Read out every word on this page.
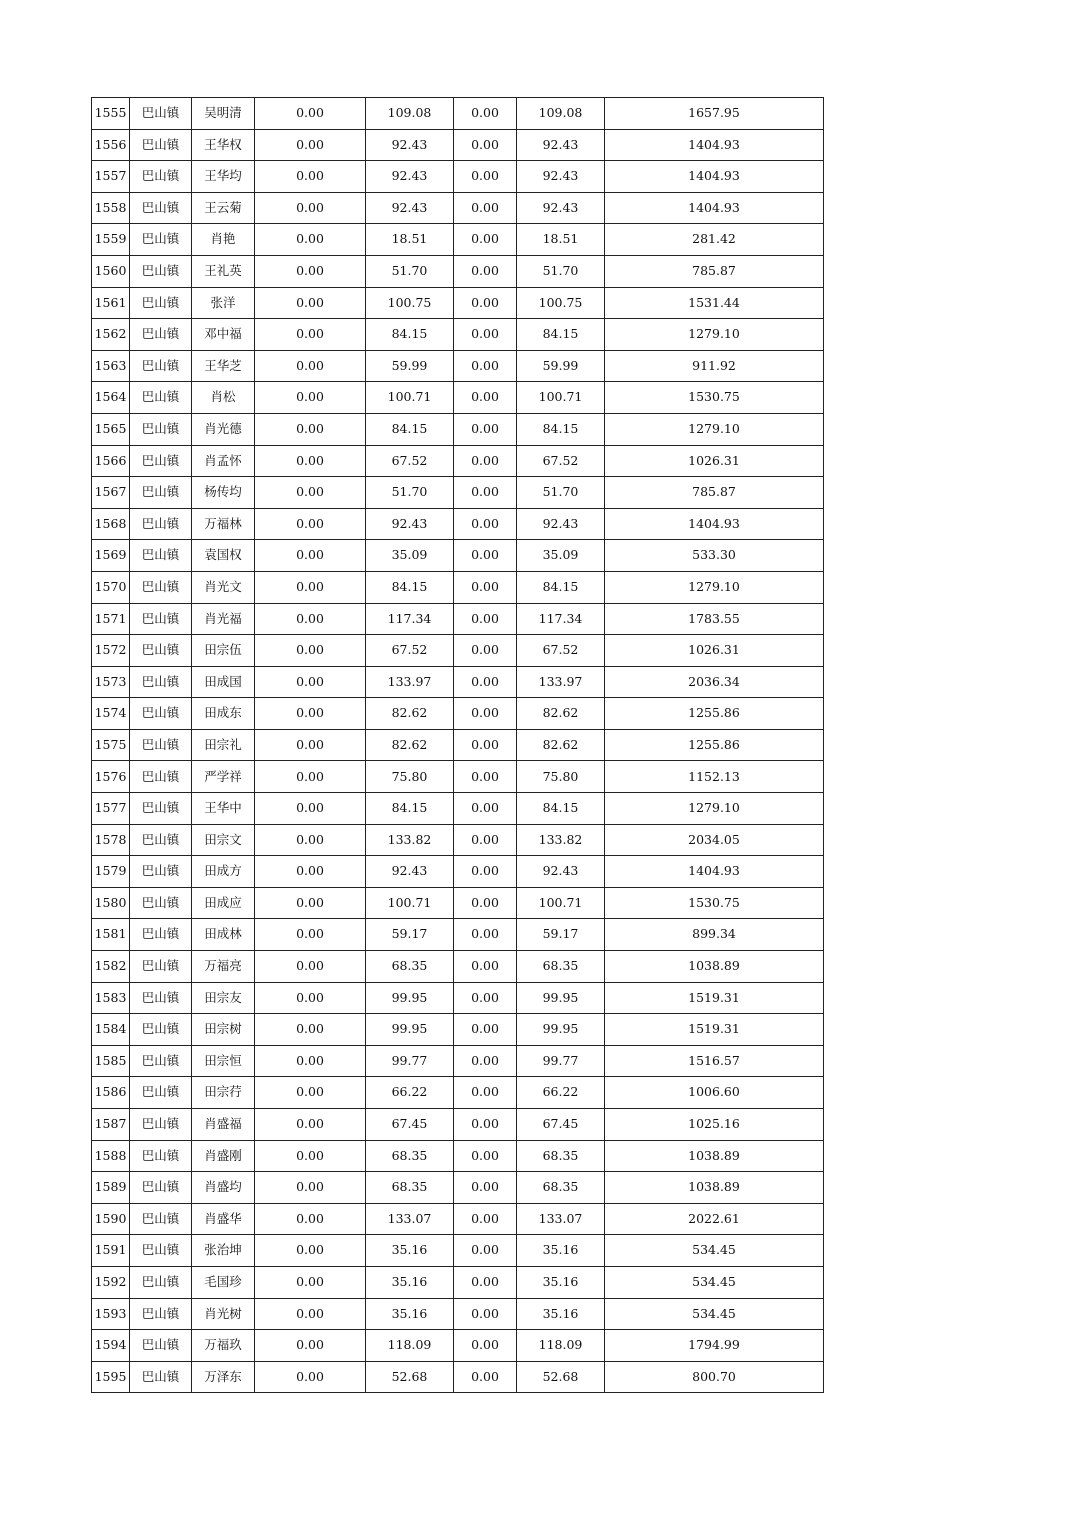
1555	巴山镇	吴明清	0.00	109.08	0.00	109.08	1657.95
1556	巴山镇	王华权	0.00	92.43	0.00	92.43	1404.93
1557	巴山镇	王华均	0.00	92.43	0.00	92.43	1404.93
1558	巴山镇	王云菊	0.00	92.43	0.00	92.43	1404.93
1559	巴山镇	肖艳	0.00	18.51	0.00	18.51	281.42
1560	巴山镇	王礼英	0.00	51.70	0.00	51.70	785.87
1561	巴山镇	张洋	0.00	100.75	0.00	100.75	1531.44
1562	巴山镇	邓中福	0.00	84.15	0.00	84.15	1279.10
1563	巴山镇	王华芝	0.00	59.99	0.00	59.99	911.92
1564	巴山镇	肖松	0.00	100.71	0.00	100.71	1530.75
1565	巴山镇	肖光德	0.00	84.15	0.00	84.15	1279.10
1566	巴山镇	肖孟怀	0.00	67.52	0.00	67.52	1026.31
1567	巴山镇	杨传均	0.00	51.70	0.00	51.70	785.87
1568	巴山镇	万福林	0.00	92.43	0.00	92.43	1404.93
1569	巴山镇	袁国权	0.00	35.09	0.00	35.09	533.30
1570	巴山镇	肖光文	0.00	84.15	0.00	84.15	1279.10
1571	巴山镇	肖光福	0.00	117.34	0.00	117.34	1783.55
1572	巴山镇	田宗伍	0.00	67.52	0.00	67.52	1026.31
1573	巴山镇	田成国	0.00	133.97	0.00	133.97	2036.34
1574	巴山镇	田成东	0.00	82.62	0.00	82.62	1255.86
1575	巴山镇	田宗礼	0.00	82.62	0.00	82.62	1255.86
1576	巴山镇	严学祥	0.00	75.80	0.00	75.80	1152.13
1577	巴山镇	王华中	0.00	84.15	0.00	84.15	1279.10
1578	巴山镇	田宗文	0.00	133.82	0.00	133.82	2034.05
1579	巴山镇	田成方	0.00	92.43	0.00	92.43	1404.93
1580	巴山镇	田成应	0.00	100.71	0.00	100.71	1530.75
1581	巴山镇	田成林	0.00	59.17	0.00	59.17	899.34
1582	巴山镇	万福亮	0.00	68.35	0.00	68.35	1038.89
1583	巴山镇	田宗友	0.00	99.95	0.00	99.95	1519.31
1584	巴山镇	田宗树	0.00	99.95	0.00	99.95	1519.31
1585	巴山镇	田宗恒	0.00	99.77	0.00	99.77	1516.57
1586	巴山镇	田宗荇	0.00	66.22	0.00	66.22	1006.60
1587	巴山镇	肖盛福	0.00	67.45	0.00	67.45	1025.16
1588	巴山镇	肖盛刚	0.00	68.35	0.00	68.35	1038.89
1589	巴山镇	肖盛均	0.00	68.35	0.00	68.35	1038.89
1590	巴山镇	肖盛华	0.00	133.07	0.00	133.07	2022.61
1591	巴山镇	张治坤	0.00	35.16	0.00	35.16	534.45
1592	巴山镇	毛国珍	0.00	35.16	0.00	35.16	534.45
1593	巴山镇	肖光树	0.00	35.16	0.00	35.16	534.45
1594	巴山镇	万福玖	0.00	118.09	0.00	118.09	1794.99
1595	巴山镇	万泽东	0.00	52.68	0.00	52.68	800.70
